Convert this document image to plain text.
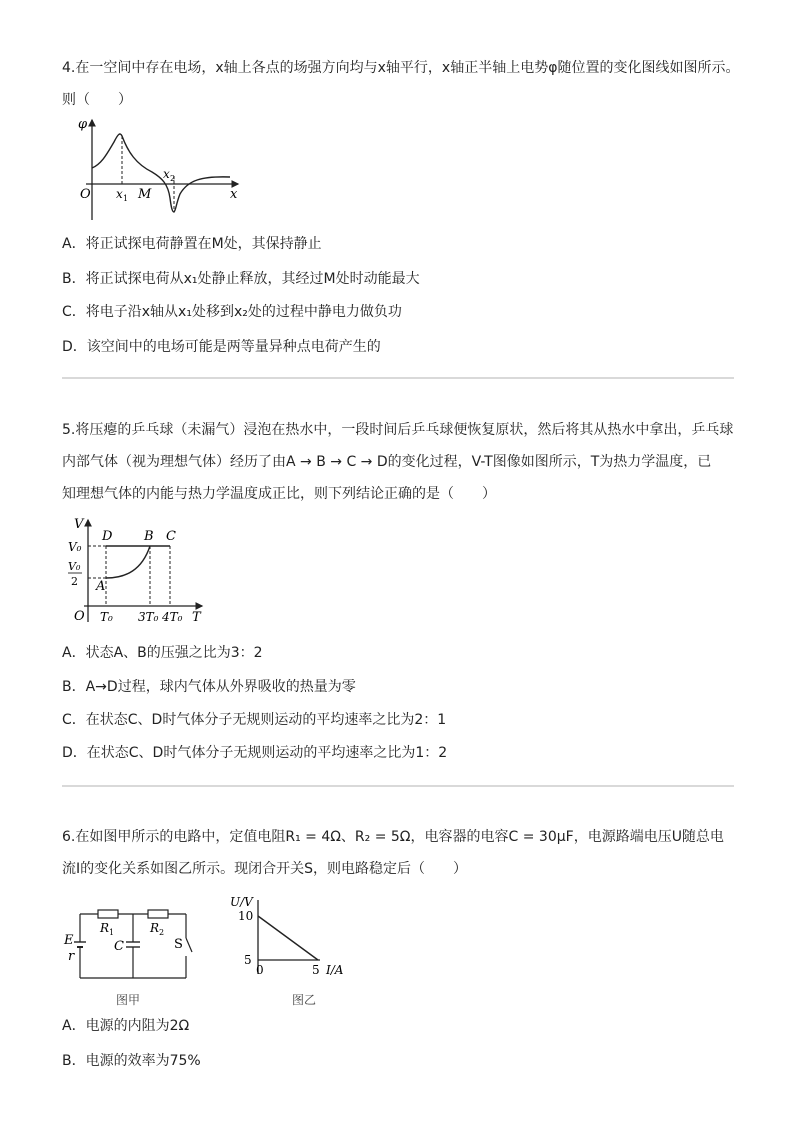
4.在一空间中存在电场，x轴上各点的场强方向均与x轴平行，x轴正半轴上电势φ随位置的变化图线如图所示。
则（　　）
φ
O x 1 M
x 2
x
A．将正试探电荷静置在M处，其保持静止
B．将正试探电荷从x₁处静止释放，其经过M处时动能最大
C．将电子沿x轴从x₁处移到x₂处的过程中静电力做负功
D．该空间中的电场可能是两等量异种点电荷产生的
5.将压瘪的乒乓球（未漏气）浸泡在热水中，一段时间后乒乓球便恢复原状，然后将其从热水中拿出，乒乓球
内部气体（视为理想气体）经历了由A → B → C → D的变化过程，V-T图像如图所示，T为热力学温度，已
知理想气体的内能与热力学温度成正比，则下列结论正确的是（　　）
V
V₀
V₀
2
O T₀ 3T₀ 4T₀ T
A
B C
D
A．状态A、B的压强之比为3：2
B．A→D过程，球内气体从外界吸收的热量为零
C．在状态C、D时气体分子无规则运动的平均速率之比为2：1
D．在状态C、D时气体分子无规则运动的平均速率之比为1：2
6.在如图甲所示的电路中，定值电阻R₁ = 4Ω、R₂ = 5Ω，电容器的电容C = 30μF，电源路端电压U随总电
流I的变化关系如图乙所示。现闭合开关S，则电路稳定后（　　）
E
r
R 1	R 2
C	S
图甲
U/V
10
5
0	5 I/A
图乙
A．电源的内阻为2Ω
B．电源的效率为75%
